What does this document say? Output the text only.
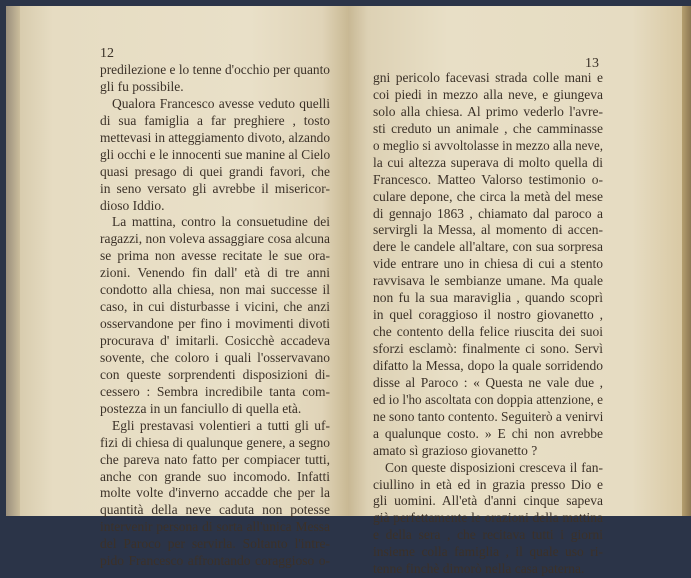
12
predilezione e lo tenne d'occhio per quanto
gli fu possibile.
Qualora Francesco avesse veduto quelli
di sua famiglia a far preghiere , tosto
mettevasi in atteggiamento divoto, alzando
gli occhi e le innocenti sue manine al Cielo
quasi presago di quei grandi favori, che
in seno versato gli avrebbe il misericor-
dioso Iddio.
La mattina, contro la consuetudine dei
ragazzi, non voleva assaggiare cosa alcuna
se prima non avesse recitate le sue ora-
zioni. Venendo fin dall' età di tre anni
condotto alla chiesa, non mai successe il
caso, in cui disturbasse i vicini, che anzi
osservandone per fino i movimenti divoti
procurava d' imitarli. Cosicchè accadeva
sovente, che coloro i quali l'osservavano
con queste sorprendenti disposizioni di-
cessero : Sembra incredibile tanta com-
postezza in un fanciullo di quella età.
Egli prestavasi volentieri a tutti gli uf-
fizi di chiesa di qualunque genere, a segno
che pareva nato fatto per compiacer tutti,
anche con grande suo incomodo. Infatti
molte volte d'inverno accadde che per la
quantità della neve caduta non potesse
intervenir persona di sorta all'unica Messa
del Paroco per servirla. Soltanto l'intre-
pido Francesco affrontando coraggioso o-
13
gni pericolo facevasi strada colle mani e
coi piedi in mezzo alla neve, e giungeva
solo alla chiesa. Al primo vederlo l'avre-
sti creduto un animale , che camminasse
o meglio si avvoltolasse in mezzo alla neve,
la cui altezza superava di molto quella di
Francesco. Matteo Valorso testimonio o-
culare depone, che circa la metà del mese
di gennajo 1863 , chiamato dal paroco a
servirgli la Messa, al momento di accen-
dere le candele all'altare, con sua sorpresa
vide entrare uno in chiesa di cui a stento
ravvisava le sembianze umane. Ma quale
non fu la sua maraviglia , quando scoprì
in quel coraggioso il nostro giovanetto ,
che contento della felice riuscita dei suoi
sforzi esclamò: finalmente ci sono. Servì
difatto la Messa, dopo la quale sorridendo
disse al Paroco : « Questa ne vale due ,
ed io l'ho ascoltata con doppia attenzione, e
ne sono tanto contento. Seguiterò a venirvi
a qualunque costo. » E chi non avrebbe
amato sì grazioso giovanetto ?
Con queste disposizioni cresceva il fan-
ciullino in età ed in grazia presso Dio e
gli uomini. All'età d'anni cinque sapeva
già perfettamente le orazioni della mattina
e della sera , che recitava tutti i giorni
insieme colla famiglia , il quale uso ri-
tenne finchè dimorò nella casa paterna.
